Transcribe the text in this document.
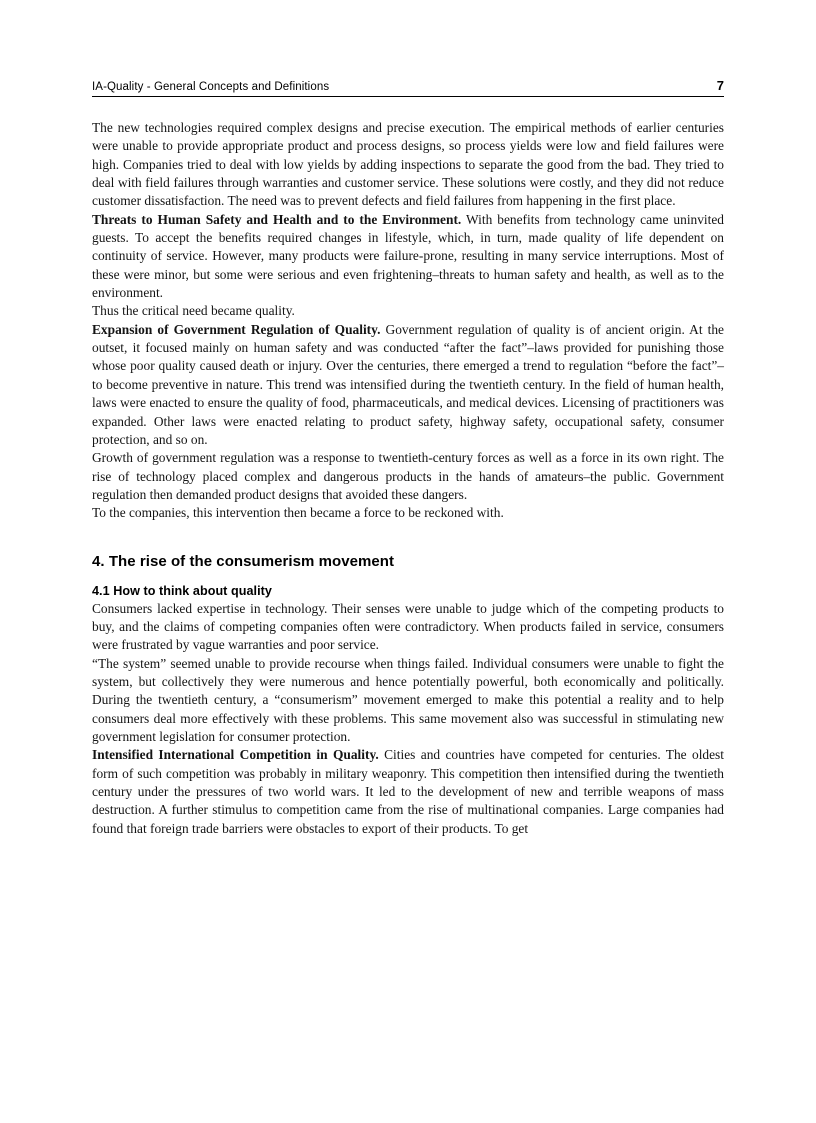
IA-Quality - General Concepts and Definitions	7

The new technologies required complex designs and precise execution. The empirical methods of earlier centuries were unable to provide appropriate product and process designs, so process yields were low and field failures were high. Companies tried to deal with low yields by adding inspections to separate the good from the bad. They tried to deal with field failures through warranties and customer service. These solutions were costly, and they did not reduce customer dissatisfaction. The need was to prevent defects and field failures from happening in the first place.

Threats to Human Safety and Health and to the Environment. With benefits from technology came uninvited guests. To accept the benefits required changes in lifestyle, which, in turn, made quality of life dependent on continuity of service. However, many products were failure-prone, resulting in many service interruptions. Most of these were minor, but some were serious and even frightening–threats to human safety and health, as well as to the environment.

Thus the critical need became quality.

Expansion of Government Regulation of Quality. Government regulation of quality is of ancient origin. At the outset, it focused mainly on human safety and was conducted “after the fact”–laws provided for punishing those whose poor quality caused death or injury. Over the centuries, there emerged a trend to regulation “before the fact”–to become preventive in nature. This trend was intensified during the twentieth century. In the field of human health, laws were enacted to ensure the quality of food, pharmaceuticals, and medical devices. Licensing of practitioners was expanded. Other laws were enacted relating to product safety, highway safety, occupational safety, consumer protection, and so on.

Growth of government regulation was a response to twentieth-century forces as well as a force in its own right. The rise of technology placed complex and dangerous products in the hands of amateurs–the public. Government regulation then demanded product designs that avoided these dangers.

To the companies, this intervention then became a force to be reckoned with.

4. The rise of the consumerism movement
4.1 How to think about quality

Consumers lacked expertise in technology. Their senses were unable to judge which of the competing products to buy, and the claims of competing companies often were contradictory. When products failed in service, consumers were frustrated by vague warranties and poor service.

“The system” seemed unable to provide recourse when things failed. Individual consumers were unable to fight the system, but collectively they were numerous and hence potentially powerful, both economically and politically. During the twentieth century, a “consumerism” movement emerged to make this potential a reality and to help consumers deal more effectively with these problems. This same movement also was successful in stimulating new government legislation for consumer protection.

Intensified International Competition in Quality. Cities and countries have competed for centuries. The oldest form of such competition was probably in military weaponry. This competition then intensified during the twentieth century under the pressures of two world wars. It led to the development of new and terrible weapons of mass destruction. A further stimulus to competition came from the rise of multinational companies. Large companies had found that foreign trade barriers were obstacles to export of their products. To get
